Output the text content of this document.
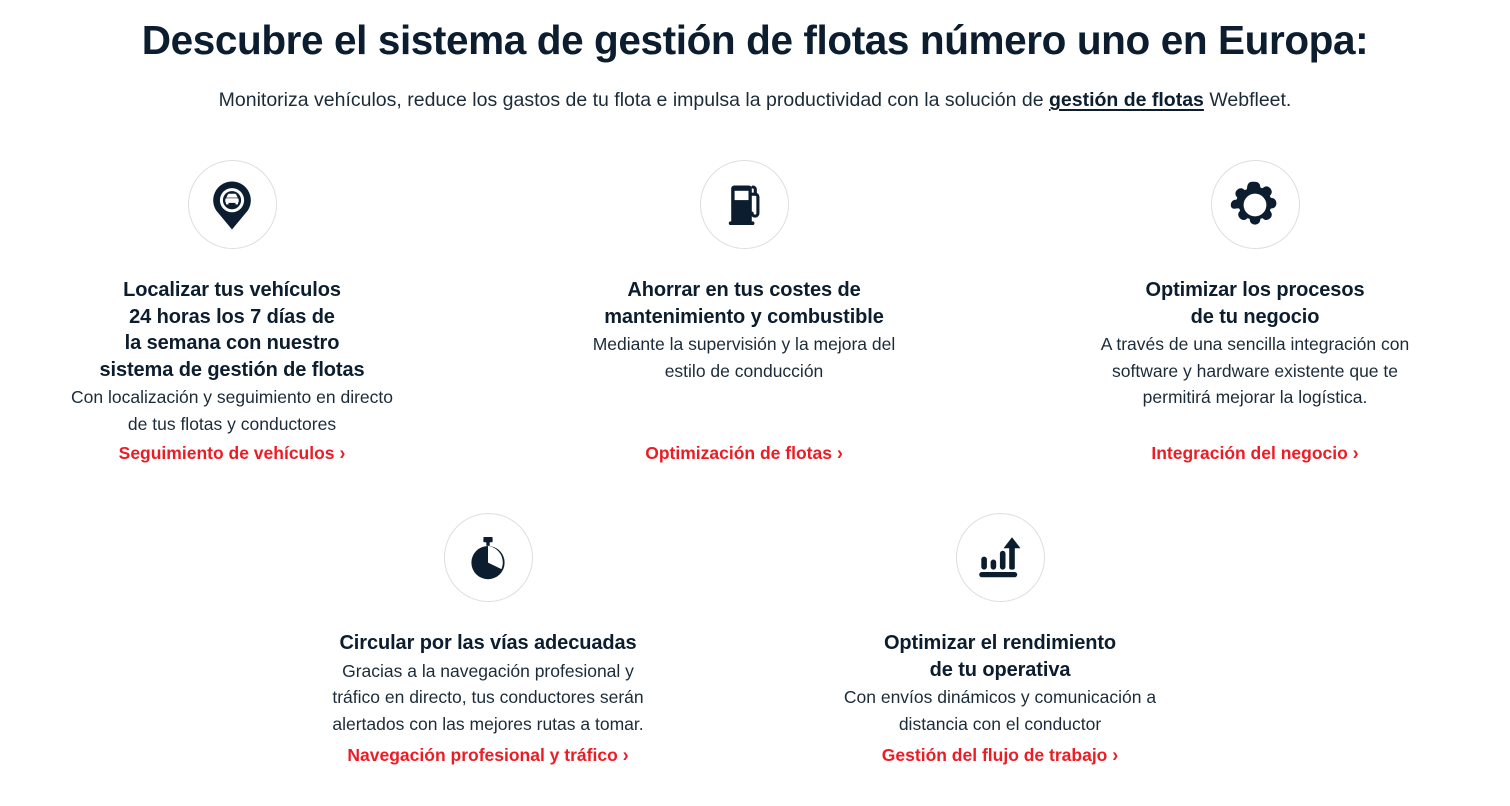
Descubre el sistema de gestión de flotas número uno en Europa:

Monitoriza vehículos, reduce los gastos de tu flota e impulsa la productividad con la solución de gestión de flotas Webfleet.

Localizar tus vehículos
24 horas los 7 días de
la semana con nuestro
sistema de gestión de flotas
Con localización y seguimiento en directo
de tus flotas y conductores
Seguimiento de vehículos ›
Ahorrar en tus costes de
mantenimiento y combustible
Mediante la supervisión y la mejora del
estilo de conducción
Optimización de flotas ›
Optimizar los procesos
de tu negocio
A través de una sencilla integración con
software y hardware existente que te
permitirá mejorar la logística.
Integración del negocio ›
Circular por las vías adecuadas
Gracias a la navegación profesional y
tráfico en directo, tus conductores serán
alertados con las mejores rutas a tomar.
Navegación profesional y tráfico ›
Optimizar el rendimiento
de tu operativa
Con envíos dinámicos y comunicación a
distancia con el conductor
Gestión del flujo de trabajo ›
